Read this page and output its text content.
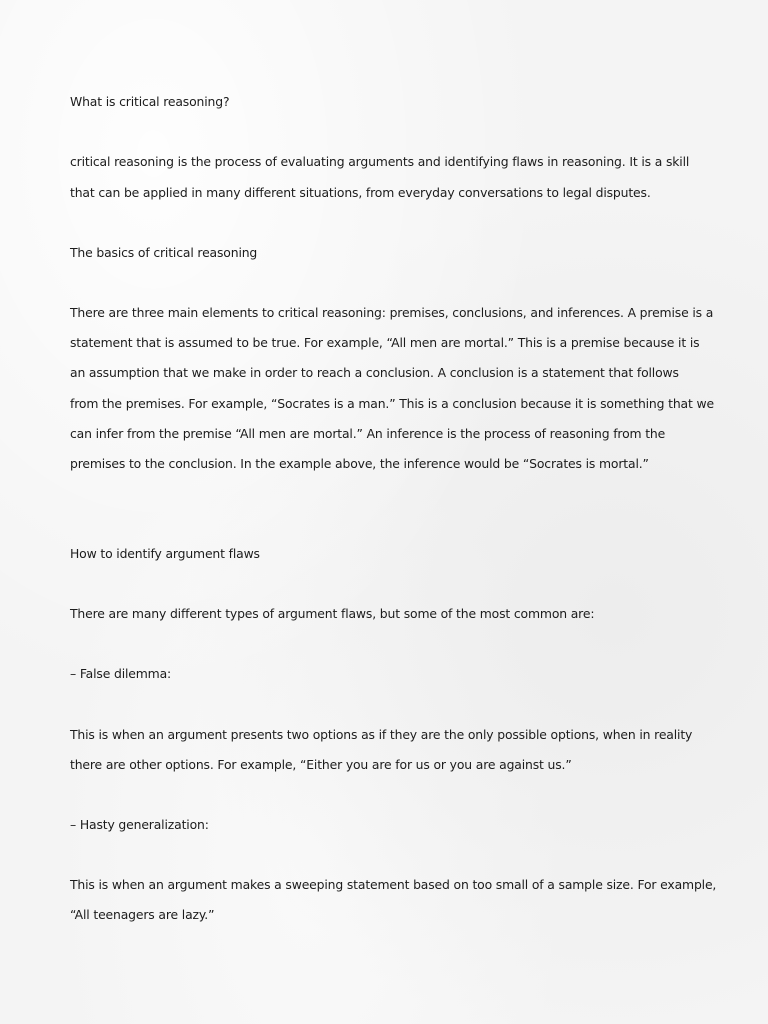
What is critical reasoning?
critical reasoning is the process of evaluating arguments and identifying flaws in reasoning. It is a skill
that can be applied in many different situations, from everyday conversations to legal disputes.
The basics of critical reasoning
There are three main elements to critical reasoning: premises, conclusions, and inferences. A premise is a
statement that is assumed to be true. For example, “All men are mortal.” This is a premise because it is
an assumption that we make in order to reach a conclusion. A conclusion is a statement that follows
from the premises. For example, “Socrates is a man.” This is a conclusion because it is something that we
can infer from the premise “All men are mortal.” An inference is the process of reasoning from the
premises to the conclusion. In the example above, the inference would be “Socrates is mortal.”
How to identify argument flaws
There are many different types of argument flaws, but some of the most common are:
– False dilemma:
This is when an argument presents two options as if they are the only possible options, when in reality
there are other options. For example, “Either you are for us or you are against us.”
– Hasty generalization:
This is when an argument makes a sweeping statement based on too small of a sample size. For example,
“All teenagers are lazy.”
